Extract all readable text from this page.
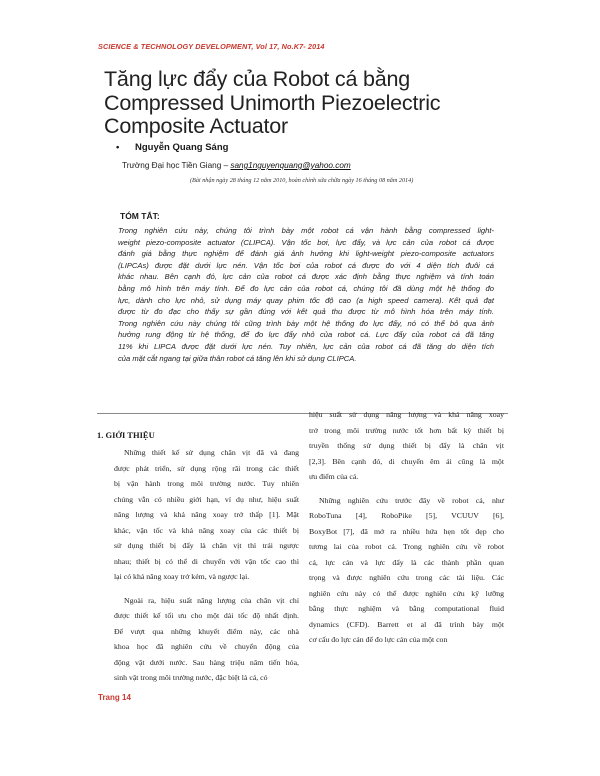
SCIENCE & TECHNOLOGY DEVELOPMENT, Vol 17, No.K7- 2014
Tăng lực đẩy của Robot cá bằng
Compressed Unimorth Piezoelectric
Composite Actuator
• Nguyễn Quang Sáng
Trường Đại học Tiền Giang – sang1nguyenquang@yahoo.com
(Bài nhận ngày 28 tháng 12 năm 2010, hoàn chỉnh sửa chữa ngày 16 tháng 08 năm 2014)
TÓM TẮT:
Trong nghiên cứu này, chúng tôi trình bày một robot cá vận hành bằng compressed light-
weight piezo-composite actuator (CLIPCA). Vận tốc bơi, lực đẩy, và lực cản của robot cá được
đánh giá bằng thực nghiệm để đánh giá ảnh hưởng khi light-weight piezo-composite actuators
(LIPCAs) được đặt dưới lực nén. Vận tốc bơi của robot cá được đo với 4 diện tích đuôi cá
khác nhau. Bên cạnh đó, lực cản của robot cá được xác định bằng thực nghiệm và tính toán
bằng mô hình trên máy tính. Để đo lực cản của robot cá, chúng tôi đã dùng một hệ thống đo
lực, dành cho lực nhỏ, sử dụng máy quay phim tốc độ cao (a high speed camera). Kết quả đạt
được từ đo đạc cho thấy sự gần đúng với kết quả thu được từ mô hình hóa trên máy tính.
Trong nghiên cứu này chúng tôi cũng trình bày một hệ thống đo lực đẩy, nó có thể bỏ qua ảnh
hưởng rung động từ hệ thống, để đo lực đẩy nhỏ của robot cá. Lực đẩy của robot cá đã tăng
11% khi LIPCA được đặt dưới lực nén. Tuy nhiên, lực cản của robot cá đã tăng do diện tích
của mặt cắt ngang tại giữa thân robot cá tăng lên khi sử dụng CLIPCA.
1. GIỚI THIỆU
Những thiết kế sử dụng chân vịt đã và đang
được phát triển, sử dụng rộng rãi trong các thiết
bị vận hành trong môi trường nước. Tuy nhiên
chúng vẫn có nhiều giới hạn, ví dụ như, hiệu suất
năng lượng và khả năng xoay trở thấp [1]. Mặt
khác, vận tốc và khả năng xoay của các thiết bị
sử dụng thiết bị đẩy là chân vịt thì trái ngược
nhau; thiết bị có thể di chuyển với vận tốc cao thì
lại có khả năng xoay trở kém, và ngược lại.
Ngoài ra, hiệu suất năng lượng của chân vịt chỉ
được thiết kế tối ưu cho một dải tốc độ nhất định.
Để vượt qua những khuyết điểm này, các nhà
khoa học đã nghiên cứu về chuyển động của
động vật dưới nước. Sau hàng triệu năm tiến hóa,
sinh vật trong môi trường nước, đặc biệt là cá, có
hiệu suất sử dụng năng lượng và khả năng xoay
trở trong môi trường nước tốt hơn bất kỳ thiết bị
truyền thống sử dụng thiết bị đẩy là chân vịt
[2,3]. Bên cạnh đó, di chuyển êm ái cũng là một
ưu điểm của cá.
Những nghiên cứu trước đây về robot cá, như
RoboTuna [4], RoboPike [5], VCUUV [6],
BoxyBot [7], đã mở ra nhiều hứa hẹn tốt đẹp cho
tương lai của robot cá. Trong nghiên cứu về robot
cá, lực cản và lực đẩy là các thành phần quan
trọng và được nghiên cứu trong các tài liệu. Các
nghiên cứu này có thể được nghiên cứu kỹ lưỡng
bằng thực nghiệm và bằng computational fluid
dynamics (CFD). Barrett et al đã trình bày một
cơ cấu đo lực cản để đo lực cản của một con
Trang 14
